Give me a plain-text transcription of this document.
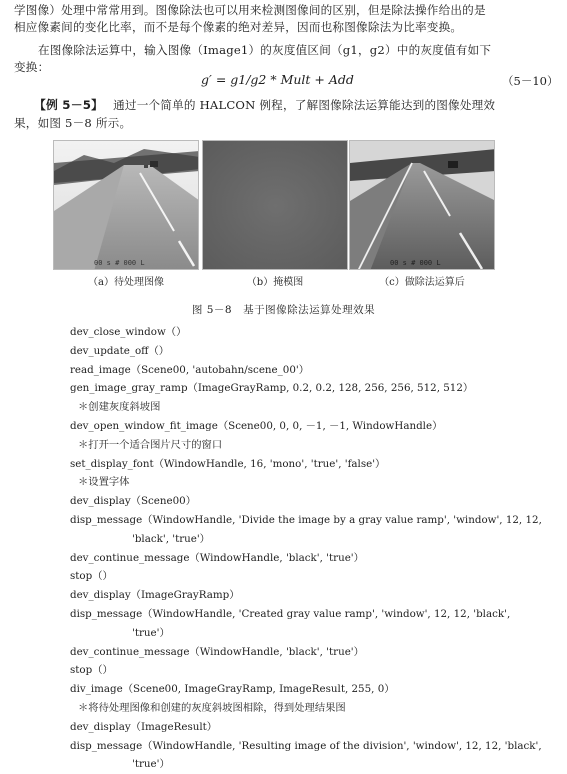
学图像）处理中常常用到。图像除法也可以用来检测图像间的区别，但是除法操作给出的是
相应像素间的变化比率，而不是每个像素的绝对差异，因而也称图像除法为比率变换。
在图像除法运算中，输入图像（Image1）的灰度值区间（g1，g2）中的灰度值有如下
变换：
g′ = g1/g2 * Mult + Add	（5－10）
【例 5－5】 通过一个简单的 HALCON 例程，了解图像除法运算能达到的图像处理效
果，如图 5－8 所示。
00 s # 000 L
（a）待处理图像	（b）掩模图
00 s # 000 L
（c）做除法运算后
图 5－8　基于图像除法运算处理效果
dev_close_window（）
dev_update_off（）
read_image（Scene00, 'autobahn/scene_00'）
gen_image_gray_ramp（ImageGrayRamp, 0.2, 0.2, 128, 256, 256, 512, 512）
＊创建灰度斜坡图
dev_open_window_fit_image（Scene00, 0, 0, －1, －1, WindowHandle）
＊打开一个适合图片尺寸的窗口
set_display_font（WindowHandle, 16, 'mono', 'true', 'false'）
＊设置字体
dev_display（Scene00）
disp_message（WindowHandle, 'Divide the image by a gray value ramp', 'window', 12, 12,
'black', 'true'）
dev_continue_message（WindowHandle, 'black', 'true'）
stop（）
dev_display（ImageGrayRamp）
disp_message（WindowHandle, 'Created gray value ramp', 'window', 12, 12, 'black',
'true'）
dev_continue_message（WindowHandle, 'black', 'true'）
stop（）
div_image（Scene00, ImageGrayRamp, ImageResult, 255, 0）
＊将待处理图像和创建的灰度斜坡图相除，得到处理结果图
dev_display（ImageResult）
disp_message（WindowHandle, 'Resulting image of the division', 'window', 12, 12, 'black',
'true'）
